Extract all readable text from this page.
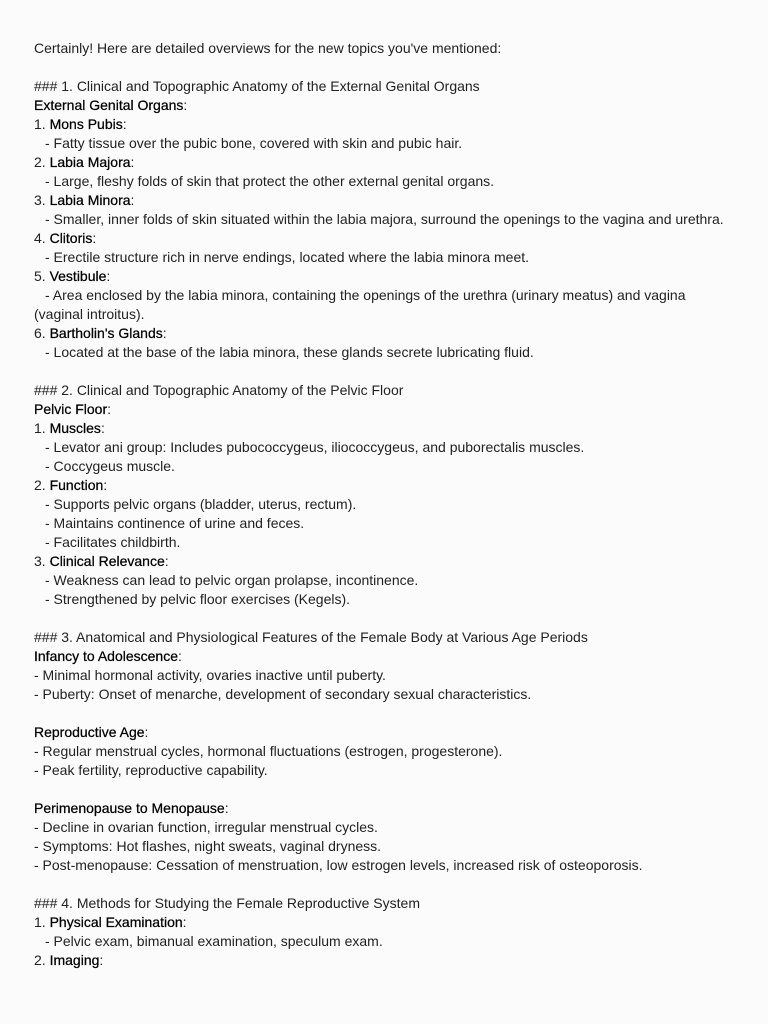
Certainly! Here are detailed overviews for the new topics you've mentioned:
### 1. Clinical and Topographic Anatomy of the External Genital Organs
External Genital Organs:
1. Mons Pubis:
- Fatty tissue over the pubic bone, covered with skin and pubic hair.
2. Labia Majora:
- Large, fleshy folds of skin that protect the other external genital organs.
3. Labia Minora:
- Smaller, inner folds of skin situated within the labia majora, surround the openings to the vagina and urethra.
4. Clitoris:
- Erectile structure rich in nerve endings, located where the labia minora meet.
5. Vestibule:
- Area enclosed by the labia minora, containing the openings of the urethra (urinary meatus) and vagina (vaginal introitus).
6. Bartholin's Glands:
- Located at the base of the labia minora, these glands secrete lubricating fluid.
### 2. Clinical and Topographic Anatomy of the Pelvic Floor
Pelvic Floor:
1. Muscles:
- Levator ani group: Includes pubococcygeus, iliococcygeus, and puborectalis muscles.
- Coccygeus muscle.
2. Function:
- Supports pelvic organs (bladder, uterus, rectum).
- Maintains continence of urine and feces.
- Facilitates childbirth.
3. Clinical Relevance:
- Weakness can lead to pelvic organ prolapse, incontinence.
- Strengthened by pelvic floor exercises (Kegels).
### 3. Anatomical and Physiological Features of the Female Body at Various Age Periods
Infancy to Adolescence:
- Minimal hormonal activity, ovaries inactive until puberty.
- Puberty: Onset of menarche, development of secondary sexual characteristics.
Reproductive Age:
- Regular menstrual cycles, hormonal fluctuations (estrogen, progesterone).
- Peak fertility, reproductive capability.
Perimenopause to Menopause:
- Decline in ovarian function, irregular menstrual cycles.
- Symptoms: Hot flashes, night sweats, vaginal dryness.
- Post-menopause: Cessation of menstruation, low estrogen levels, increased risk of osteoporosis.
### 4. Methods for Studying the Female Reproductive System
1. Physical Examination:
- Pelvic exam, bimanual examination, speculum exam.
2. Imaging:
